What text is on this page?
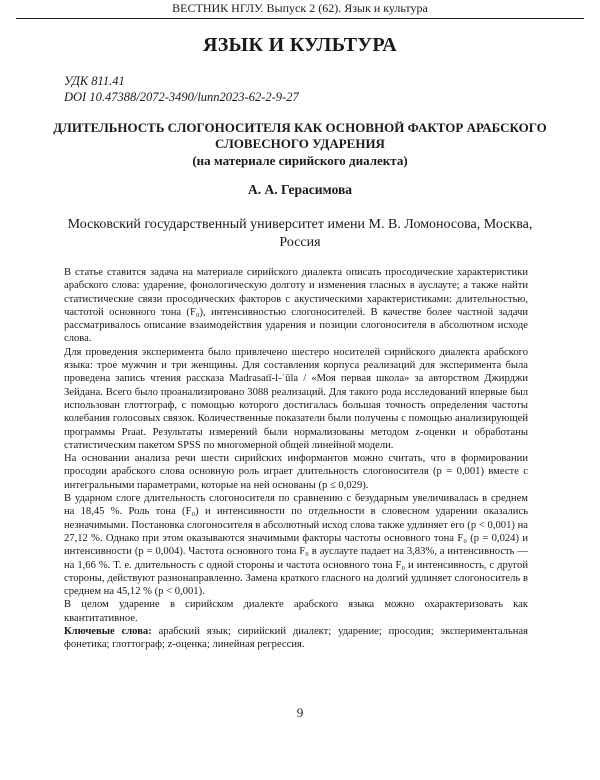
ВЕСТНИК НГЛУ. Выпуск 2 (62). Язык и культура
ЯЗЫК И КУЛЬТУРА
УДК 811.41
DOI 10.47388/2072-3490/lunn2023-62-2-9-27
ДЛИТЕЛЬНОСТЬ СЛОГОНОСИТЕЛЯ КАК ОСНОВНОЙ ФАКТОР АРАБСКОГО СЛОВЕСНОГО УДАРЕНИЯ
(на материале сирийского диалекта)
А. А. Герасимова
Московский государственный университет имени М. В. Ломоносова, Москва, Россия

В статье ставится задача на материале сирийского диалекта описать просодические характеристики арабского слова: ударение, фонологическую долготу и изменения гласных в ауслауте; а также найти статистические связи просодических факторов с акустическими характеристиками: длительностью, частотой основного тона (F₀), интенсивностью слогоносителей. В качестве более частной задачи рассматривалось описание взаимодействия ударения и позиции слогоносителя в абсолютном исходе слова.

Для проведения эксперимента было привлечено шестеро носителей сирийского диалекта арабского языка: трое мужчин и три женщины. Для составления корпуса реализаций для эксперимента была проведена запись чтения рассказа Madrasatī-l-ʾūla / «Моя первая школа» за авторством Джирджи Зейдана. Всего было проанализировано 3088 реализаций. Для такого рода исследований впервые был использован глоттограф, с помощью которого достигалась большая точность определения частоты колебания голосовых связок. Количественные показатели были получены с помощью анализирующей программы Praat. Результаты измерений были нормализованы методом z-оценки и обработаны статистическим пакетом SPSS по многомерной общей линейной модели.

На основании анализа речи шести сирийских информантов можно считать, что в формировании просодии арабского слова основную роль играет длительность слогоносителя (p = 0,001) вместе с интегральными параметрами, которые на ней основаны (p ≤ 0,029).

В ударном слоге длительность слогоносителя по сравнению с безударным увеличивалась в среднем на 18,45 %. Роль тона (F₀) и интенсивности по отдельности в словесном ударении оказались незначимыми. Постановка слогоносителя в абсолютный исход слова также удлиняет его (p < 0,001) на 27,12 %. Однако при этом оказываются значимыми факторы частоты основного тона F₀ (p = 0,024) и интенсивности (p = 0,004). Частота основного тона F₀ в ауслауте падает на 3,83%, а интенсивность — на 1,66 %. Т. е. длительность с одной стороны и частота основного тона F₀ и интенсивность, с другой стороны, действуют разнонаправленно. Замена краткого гласного на долгий удлиняет слогоноситель в среднем на 45,12 % (p < 0,001).

В целом ударение в сирийском диалекте арабского языка можно охарактеризовать как квантитативное.

Ключевые слова: арабский язык; сирийский диалект; ударение; просодия; экспериментальная фонетика; глоттограф; z-оценка; линейная регрессия.

9
